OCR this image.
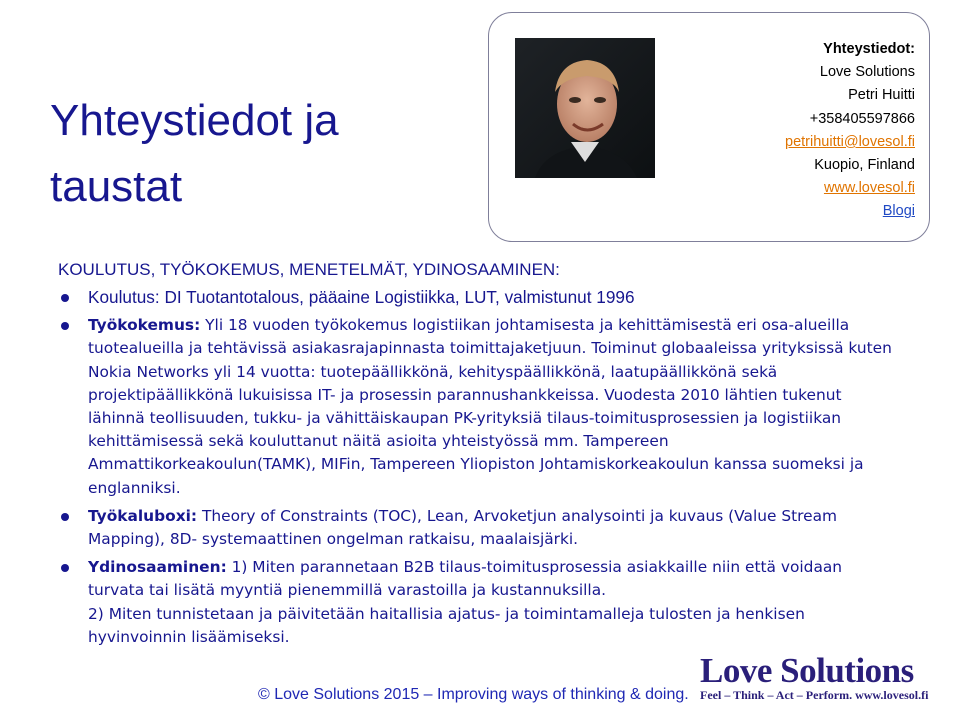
Yhteystiedot ja taustat
Yhteystiedot:
Love Solutions
Petri Huitti
+358405597866
petrihuitti@lovesol.fi
Kuopio, Finland
www.lovesol.fi
Blogi
KOULUTUS, TYÖKOKEMUS, MENETELMÄT, YDINOSAAMINEN:
Koulutus: DI Tuotantotalous, pääaine Logistiikka, LUT, valmistunut 1996
Työkokemus: Yli 18 vuoden työkokemus logistiikan johtamisesta ja kehittämisestä eri osa-alueilla tuotealueilla ja tehtävissä asiakasrajapinnasta toimittajaketjuun. Toiminut globaaleissa yrityksissä kuten Nokia Networks yli 14 vuotta: tuotepäällikkönä, kehityspäällikkönä, laatupäällikkönä sekä projektipäällikkönä lukuisissa IT- ja prosessin parannushankkeissa. Vuodesta 2010 lähtien tukenut lähinnä teollisuuden, tukku- ja vähittäiskaupan PK-yrityksiä tilaus-toimitusprosessien ja logistiikan kehittämisessä sekä kouluttanut näitä asioita yhteistyössä mm. Tampereen Ammattikorkeakoulun(TAMK), MIFin, Tampereen Yliopiston Johtamiskorkeakoulun kanssa suomeksi ja englanniksi.
Työkaluboxi: Theory of Constraints (TOC), Lean, Arvoketjun analysointi ja kuvaus (Value Stream Mapping), 8D- systemaattinen ongelman ratkaisu, maalaisjärki.
Ydinosaaminen: 1) Miten parannetaan B2B tilaus-toimitusprosessia asiakkaille niin että voidaan turvata tai lisätä myyntiä pienemmillä varastoilla ja kustannuksilla.
2) Miten tunnistetaan ja päivitetään haitallisia ajatus- ja toimintamalleja tulosten ja henkisen hyvinvoinnin lisäämiseksi.
© Love Solutions 2015 – Improving ways of thinking & doing.
Love Solutions
Feel – Think – Act – Perform. www.lovesol.fi
